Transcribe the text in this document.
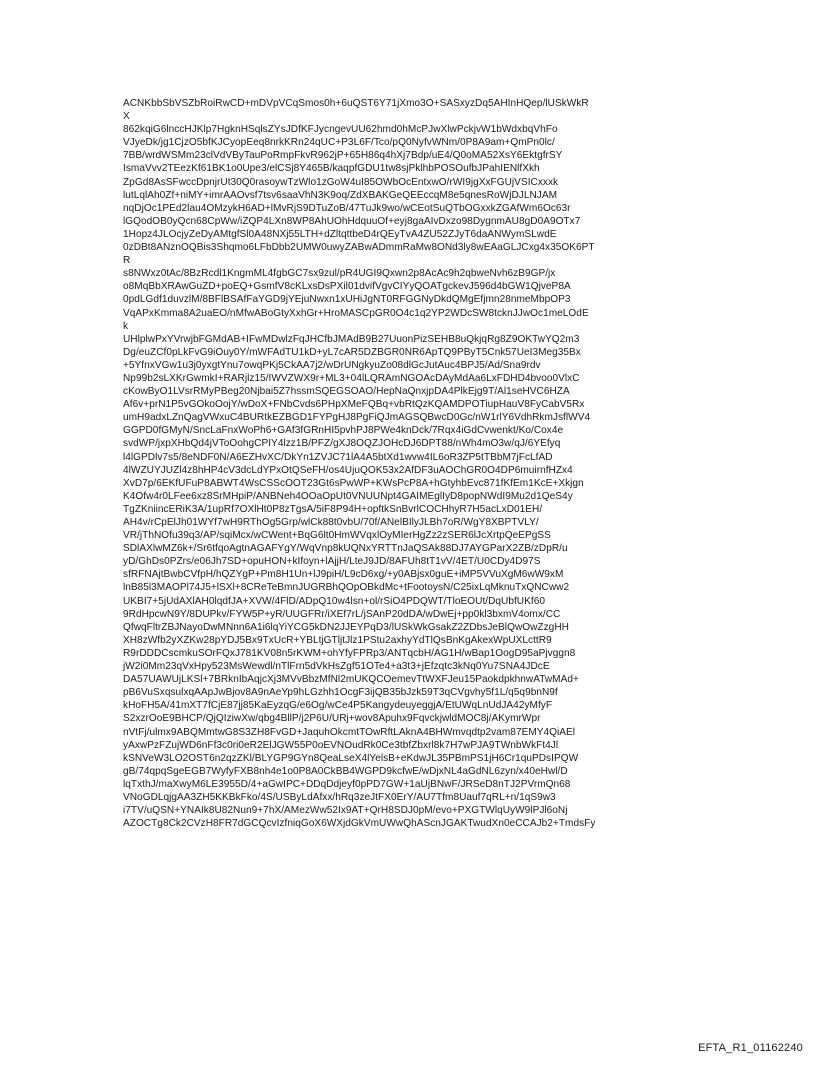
ACNKbbSbVSZbRoiRwCD+mDVpVCqSmos0h+6uQST6Y71jXmo3O+SASxyzDq5AHInHQep/lUSkWkR
X
862kqiG6lnccHJKlp7HgknHSqlsZYsJDfKFJycngevUU62hmd0hMcPJwXlwPckjvW1bWdxbqVhFo
VJyeDk/jg1CjzO5bfKJCyopEeq8nrkKRn24qUC+P3L6F/Tco/pQ0NyfvWNm/0P8A9am+QmPn0lc/
7BB/wrdWSMm23clVdVByTauPoRmpFkvR962jP+65H86q4hXj7Bdp/uE4/Q0oMA52XsY6EktgfrSY
IsmaVvv2TEezKf61BK1o0Upe3/elCSj8Y465B/kaqpfGDU1tw8sjPklhbPOSOufbJPahIENlfXkh
ZpGd8AsSFwccDpnjrUt30Q0rasoywTzWlo1zGoW4uI85OWbOcEntxwO/rWI9jgXxFGUjVSICxxxk
lutLqlAh0Zf+niMY+imrAAOvsf7tsv6saaVhN3K9oq/ZdXBAKGeQEEccqM8e5qnesRoWjDJLNJAM
nqDjOc1PEd2lau4OMzykH6AD+lMvRjS9DTuZoB/47TuJk9wo/wCEotSuQTbOGxxkZGAfWm6Oc63r
lGQodOB0yQcn68CpWw/iZQP4LXn8WP8AhUOhHdquuOf+eyj8gaAIvDxzo98DygnmAU8gD0A9OTx7
1Hopz4JLOcjyZeDyAMtgfSl0A48NXj55LTH+dZltqttbeD4rQEyTvA4ZU52ZJyT6daANWymSLwdE
0zDBt8ANznOQBis3Shqmo6LFbDbb2UMW0uwyZABwADmmRaMw8ONd3ly8wEAaGLJCxg4x35OK6PT
R
s8NWxz0tAc/8BzRcdl1KngmML4fgbGC7sx9zul/pR4UGI9Qxwn2p8AcAc9h2qbweNvh6zB9GP/jx
o8MqBbXRAwGuZD+poEQ+GsmfV8cKLxsDsPXil01dvifVgvCIYyQOATgckevJ596d4bGW1QjveP8A
0pdLGdf1duvzlM/8BFlBSAfFaYGD9jYEjuNwxn1xUHiJgNT0RFGGNyDkdQMgEfjmn28nmeMbpOP3
VqAPxKmma8A2uaEO/nMfwABoGtyXxhGr+HroMASCpGR0O4c1q2YP2WDcSW8tcknJJwOc1meLOdE
k
UHlplwPxYVrwjbFGMdAB+IFwMDwlzFqJHCfbJMAdB9B27UuonPizSEHB8uQkjqRg8Z9OKTwYQ2m3
Dg/euZCf0pLkFvG9iOuy0Y/mWFAdTU1kD+yL7cAR5DZBGR0NR6ApTQ9PByT5Cnk57UeI3Meg35Bx
+5YfnxVGw1u3j0yxgtYnu7owqPKj5CkAA7j2/wDrUNgkyuZo08dlGcJutAuc4BPJ5/Ad/Sna9rdv
Np99b2sLXKrGwmkI+RARjlz15/IWVZWX9r+ML3+04lLQRAmNGOAcDAyMdAa6LxFDHD4bvoo0VlxC
cKowByO1LVsrRMyPBeg20Njbai5Z7hssmSQEGSOAO/HepNaQnxjpDA4PlkEjg9T/Al1seHVC6HZA
Af6v+prN1P5vGOkoOojY/wDoX+FNbCvds6PHpXMeFQBq+vbRtQzKQAMDPOTiupHauV8FyCabV5Rx
umH9adxLZnQagVWxuC4BURtkEZBGD1FYPgHJ8PgFiQJmAGSQBwcD0Gc/nW1rlY6VdhRkmJsflWV4
GGPD0fGMyN/SncLaFnxWoPh6+GAf3fGRnHI5pvhPJ8PWe4knDck/7Rqx4iGdCvwenkt/Ko/Cox4e
svdWP/jxpXHbQd4jVToOohgCPIY4lzz1B/PFZ/gXJ8OQZJOHcDJ6DPT88/nWh4mO3w/qJ/6YEfyq
l4lGPDlv7s5/8eNDF0N/A6EZHvXC/DkYn1ZVJC71lA4A5btXd1wvw4IL6oR3ZP5tTBbM7jFcLfAD
4lWZUYJUZl4z8hHP4cV3dcLdYPxOtQSeFH/os4UjuQOK53x2AfDF3uAOChGR0O4DP6muirnfHZx4
XvD7p/6EKfUFuP8ABWT4WsCSScOOT23Gt6sPwWP+KWsPcP8A+hGtyhbEvc871fKfEm1KcE+Xkjgn
K4Ofw4r0LFee6xz8SrMHpiP/ANBNeh4OOaOpUt0VNUUNpt4GAIMEglIyD8popNWdI9Mu2d1QeS4y
TgZKniincERiK3A/1upRf7OXlHt0P8zTgsA/5iF8P94H+opftkSnBvrlCOCHhyR7H5acLxD01EH/
AH4v/rCpElJh01WYf7wH9RThOg5Grp/wlCk88t0vbU/70f/ANelBIlyJLBh7oR/WgY8XBPTVLY/
VR/jThNOfu39q3/AP/sqiMcx/wCWent+BqG6lt0HmWVqxlOyMIerHgZz2zSER6lJcXrtpQeEPgSS
SDlAXlwMZ6k+/Sr6tfqoAgtnAGAFYgY/WqVnp8kUQNxYRTTnJaQSAk88DJ7AYGParX2ZB/zDpR/u
yD/GhDs0PZrs/e06Jh7SD+opuHON+kIfoyn+lAjjH/LteJ9JD/8AFUh8tT1vV/4ET/U0CDy4D97S
sfRFNAjtBwbCVfpH/hQZYgP+Pm8H1Un+lJ9piH/L9cD6xg/+y0ABjsx0guE+iMP5VVuXgM6wW9xM
lnB85l3MAOPl74J5+lSXl+8CReTeBmnJUGRBhQOpOBkdMc+tFootoysN/C25ixLqMknuTxQNCww2
UKBI7+5jUdAXlAH0lqdfJA+XVW/4FlD/ADpQ10w4lsn+ol/rSiO4PDQWT/TloEOUt/DqUbfUKf60
9RdHpcwN9Y/8DUPkv/FYW5P+yR/UUGFRr/iXEf7rL/jSAnP20dDA/wDwEj+pp0kl3bxmV4omx/CC
QfwqFltrZBJNayoDwMNnn6A1i6lqYiYCG5kDN2JJEYPqD3/lUSkWkGsakZ2ZDbsJeBlQwOwZzgHH
XH8zWfb2yXZKw28pYDJ5Bx9TxUcR+YBLtjGTljtJlz1PStu2axhyYdTlQsBnKgAkexWpUXLcttR9
R9rDDDCscmkuSOrFQxJ781KV08n5rKWM+ohYfyFPRp3/ANTqcbH/AG1H/wBap1OogD95aPjvggn8
jW2i0Mm23qVxHpy523MsWewdl/nTlFrn5dVkHsZgf51OTe4+a3t3+jEfzqtc3kNq0Yu7SNA4JDcE
DA57UAWUjLKSl+7BRknIbAqjcXj3MVvBbzMfNl2mUKQCOemevTtWXFJeu15PaokdpkhnwATwMAd+
pB6VuSxqsulxqAApJwBjov8A9nAeYp9hLGzhh1OcgF3ijQB35bJzk59T3qCVgvhy5f1L/q5q9bnN9f
kHoFH5A/41mXT7fCjE87jj85KaEyzqG/e6Og/wCe4P5KangydeuyeggjA/EtUWqLnUdJA42yMfyF
S2xzrOoE9BHCP/QjQIziwXw/qbg4BllP/j2P6U/URj+wov8Apuhx9FqvckjwldMOC8j/AKymrWpr
nVtFj/ulmx9ABQMmtwG8S3ZH8FvGD+JaquhOkcmtTOwRftLAknA4BHWmvqdtp2vam87EMY4QiAEl
yAxwPzFZujWD6nFf3c0ri0eR2ElJGW55P0oEVNOudRk0Ce3tbfZbxrl8k7H7wPJA9TWnbWkFt4Jl
kSNVeW3LO2OST6n2qzZKl/BLYGP9GYn8QeaLseX4lYelsB+eKdwJL35PBmPS1jH6Cr1quPDsIPQW
gB/74qpqSgeEGB7WyfyFXB8nh4e1o0P8A0CkBB4WGPD9kcfwE/wDjxNL4aGdNL6zyn/x40eHwl/D
lqTxthJ/maXwyM6LE3955D/4+aGwIPC+DDqDdjeyf0pPD7GW+1aUjBNwF/JRSeD8nTJ2PVrmQn68
VNoGDLqjgAA3ZH5KKBkFko/4S/USByLdAfxx/hRq3zeJtFX0ErY/AU7Tfm8Uauf7qRL+n/1qS9w3
i7TV/uQSN+YNAIk8U82Nun9+7hX/AMezWw52Ix9AT+QrH8SDJ0pM/evo+PXGTWlqUyW9lPJl6oNj
AZOCTg8Ck2CVzH8FR7dGCQcvIzfniqGoX6WXjdGkVmUWwQhAScnJGAKTwudXn0eCCAJb2+TmdsFy
EFTA_R1_01162240
